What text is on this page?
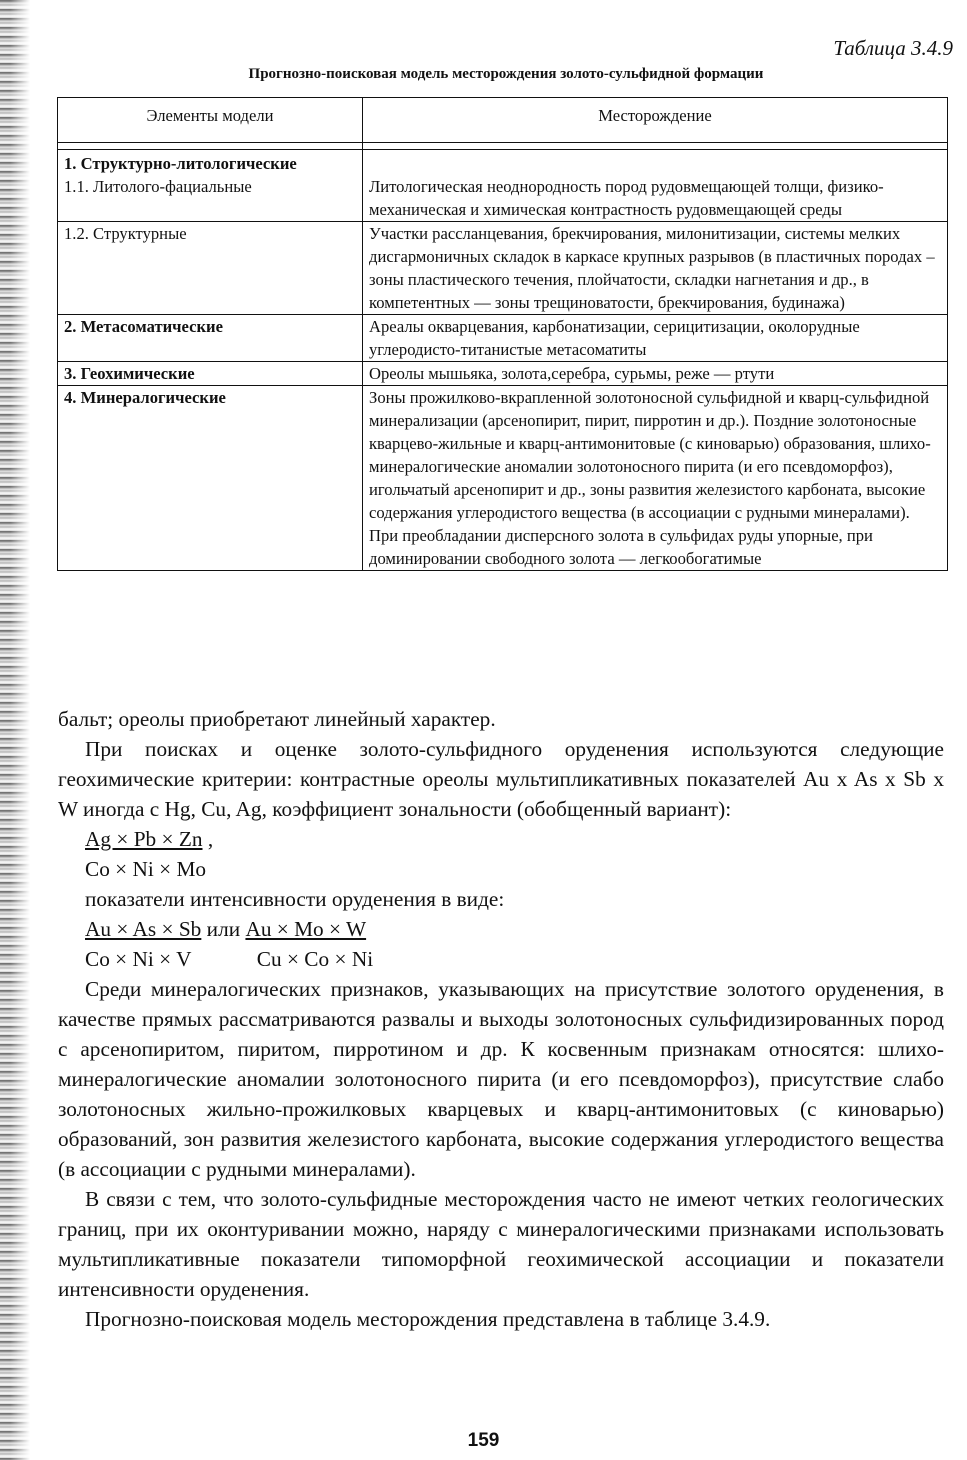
Таблица 3.4.9
Прогнозно-поисковая модель месторождения золото-сульфидной формации
Элементы модели	Месторождение

1. Структурно-литологические
1.1. Литолого-фациальные	Литологическая неоднородность пород рудовмещающей толщи, физико-механическая и химическая контрастность рудовмещающей среды

1.2. Структурные	Участки рассланцевания, брекчирования, милонитизации, системы мелких дисгармоничных складок в каркасе крупных разрывов (в пластичных породах – зоны пластического течения, плойчатости, складки нагнетания и др., в компетентных — зоны трещиноватости, брекчирования, будинажа)
2. Метасоматические	Ареалы окварцевания, карбонатизации, серицитизации, околорудные углеродисто-титанистые метасоматиты
3. Геохимические	Ореолы мышьяка, золота,серебра, сурьмы, реже — ртути
4. Минералогические	Зоны прожилково-вкрапленной золотоносной сульфидной и кварц-сульфидной минерализации (арсенопирит, пирит, пирротин и др.). Поздние золотоносные кварцево-жильные и кварц-антимонитовые (с киноварью) образования, шлихо-минералогические аномалии золотоносного пирита (и его псевдоморфоз), игольчатый арсенопирит и др., зоны развития железистого карбоната, высокие содержания углеродистого вещества (в ассоциации с рудными минералами). При преобладании дисперсного золота в сульфидах руды упорные, при доминировании свободного золота — легкообогатимые

бальт; ореолы приобретают линейный характер.

При поисках и оценке золото-сульфидного оруденения используются следующие геохимические критерии: контрастные ореолы мультипликативных показателей Au x As x Sb x W иногда с Hg, Cu, Ag, коэффициент зональности (обобщенный вариант):

Ag × Pb × Zn ,
Co × Ni × Mo

показатели интенсивности оруденения в виде:

Au × As × Sb или Au × Mo × W
Co × Ni × V	Cu × Co × Ni

Среди минералогических признаков, указывающих на присутствие золотого оруденения, в качестве прямых рассматриваются развалы и выходы золотоносных сульфидизированных пород с арсенопиритом, пиритом, пирротином и др. К косвенным признакам относятся: шлихо-минералогические аномалии золотоносного пирита (и его псевдоморфоз), присутствие слабо золотоносных жильно-прожилковых кварцевых и кварц-антимонитовых (с киноварью) образований, зон развития железистого карбоната, высокие содержания углеродистого вещества (в ассоциации с рудными минералами).

В связи с тем, что золото-сульфидные месторождения часто не имеют четких геологических границ, при их оконтуривании можно, наряду с минералогическими признаками использовать мультипликативные показатели типоморфной геохимической ассоциации и показатели интенсивности оруденения.

Прогнозно-поисковая модель месторождения представлена в таблице 3.4.9.

159
